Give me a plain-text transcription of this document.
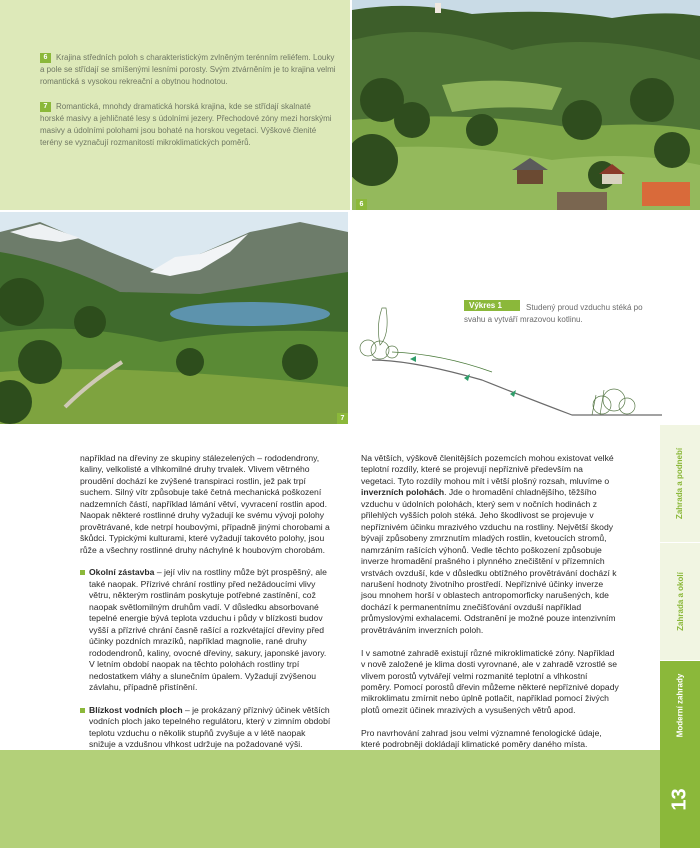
6 Krajina středních poloh s charakteristickým zvlněným terénním reliéfem. Louky a pole se střídají se smíšenými lesními porosty. Svým ztvárněním je to krajina velmi romantická s vysokou rekreační a obytnou hodnotou.

7 Romantická, mnohdy dramatická horská krajina, kde se střídají skalnaté horské masivy a jehličnaté lesy s údolními jezery. Přechodové zóny mezi horskými masivy a údolními polohami jsou bohaté na horskou vegetaci. Výškové členité terény se vyznačují rozmanitostí mikroklimatických poměrů.

6
7
Studený proud vzduchu stéká po svahu a vytváří mrazovou kotlinu.
Výkres 1

například na dřeviny ze skupiny stálezelených – rododendrony, kaliny, velkolisté a vlhkomilné druhy trvalek. Vlivem větrného proudění dochází ke zvýšené transpiraci rostlin, jež pak trpí suchem. Silný vítr způsobuje také četná mechanická poškození nadzemních částí, například lámání větví, vyvracení rostlin apod. Naopak některé rostlinné druhy vyžadují ke svému vývoji polohy provětrávané, kde netrpí houbovými, případně jinými chorobami a škůdci. Typickými kulturami, které vyžadují takovéto polohy, jsou růže a všechny rostlinné druhy náchylné k houbovým chorobám.

Okolní zástavba – její vliv na rostliny může být prospěšný, ale také naopak. Přízrivé chrání rostliny před nežádoucími vlivy větru, některým rostlinám poskytuje potřebné zastínění, což naopak světlomilným druhům vadí. V důsledku absorbované tepelné energie bývá teplota vzduchu i půdy v blízkosti budov vyšší a přízrivé chrání časně rašící a rozkvétající dřeviny před účinky pozdních mrazíků, například magnolie, rané druhy rododendronů, kaliny, ovocné dřeviny, sakury, japonské javory.

V letním období naopak na těchto polohách rostliny trpí nedostatkem vláhy a slunečním úpalem. Vyžadují zvýšenou závlahu, případně přistínění.

Blízkost vodních ploch – je prokázaný příznivý účinek větších vodních ploch jako tepelného regulátoru, který v zimním období teplotu vzduchu o několik stupňů zvyšuje a v létě naopak snižuje a vzdušnou vlhkost udržuje na požadované výši.

Na větších, výškově členitějších pozemcích mohou existovat velké teplotní rozdíly, které se projevují nepříznivě především na vegetaci. Tyto rozdíly mohou mít i větší plošný rozsah, mluvíme o inverzních polohách. Jde o hromadění chladnějšího, těžšího vzduchu v údolních polohách, který sem v nočních hodinách z přilehlých vyšších poloh stéká. Jeho škodlivost se projevuje v nepříznivém účinku mrazivého vzduchu na rostliny. Největší škody bývají způsobeny zmrznutím mladých rostlin, kvetoucích stromů, namrzáním rašících výhonů. Vedle těchto poškození způsobuje inverze hromadění prašného i plynného znečištění v přízemních vrstvách ovzduší, kde v důsledku obtížného provětrávání dochází k narušení hodnoty životního prostředí. Nepříznivé účinky inverze jsou mnohem horší v oblastech antropomorficky narušených, kde dochází k permanentnímu znečišťování ovzduší například průmyslovými exhalacemi. Odstranění je možné pouze intenzivním provětráváním inverzních poloh.

I v samotné zahradě existují různé mikroklimatické zóny. Například v nově založené je klima dosti vyrovnané, ale v zahradě vzrostlé se vlivem porostů vytvářejí velmi rozmanité teplotní a vlhkostní poměry. Pomocí porostů dřevin můžeme některé nepříznivé dopady mikroklimatu zmírnit nebo úplně potlačit, například pomocí živých plotů omezit účinek mrazivých a vysušených větrů apod.

Pro navrhování zahrad jsou velmi významné fenologické údaje, které podrobněji dokládají klimatické poměry daného místa.

Zahrada a podnebí
Zahrada a okolí
Moderní zahrady
13
